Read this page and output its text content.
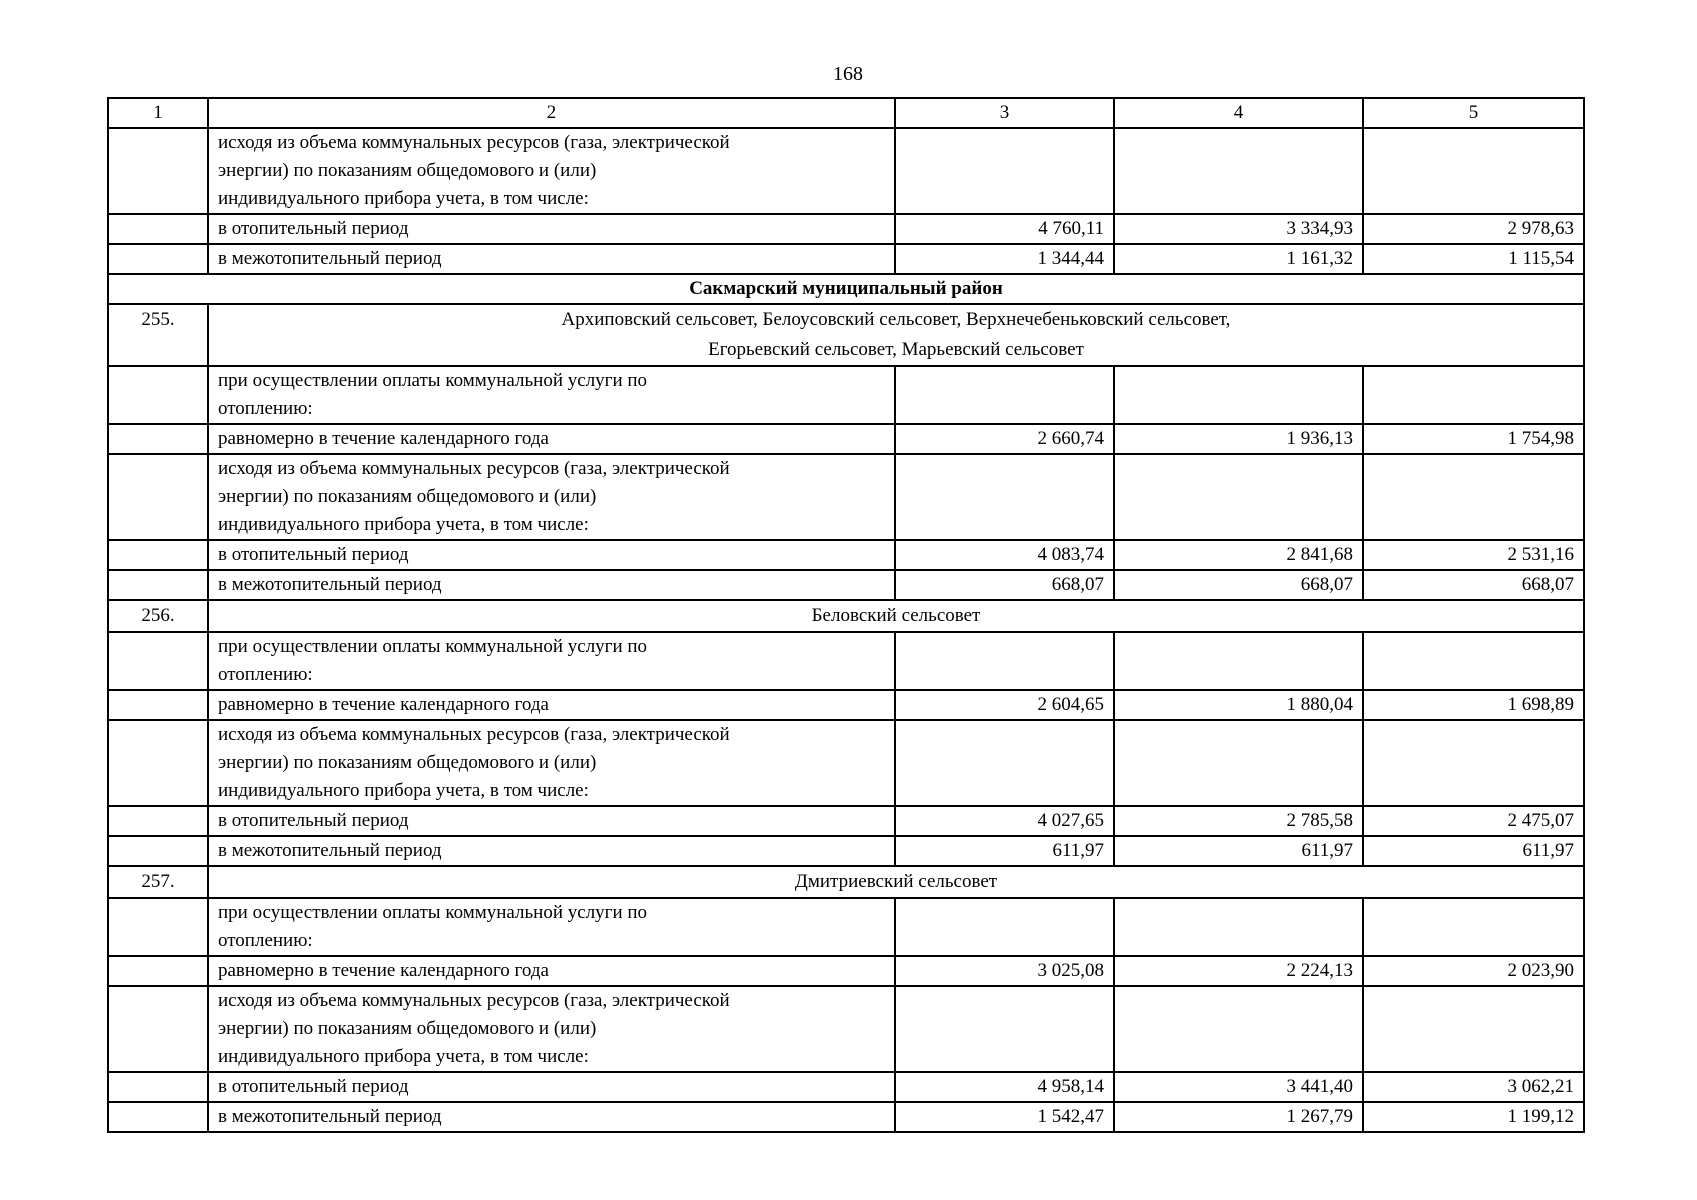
168
1	2	3	4	5

	исходя из объема коммунальных ресурсов (газа, электрической
энергии) по показаниям общедомового и (или)
индивидуального прибора учета, в том числе:			

	в отопительный период	4 760,11	3 334,93	2 978,63
	в межотопительный период	1 344,44	1 161,32	1 115,54
Сакмарский муниципальный район				
255.	Архиповский сельсовет, Белоусовский сельсовет, Верхнечебеньковский сельсовет,
Егорьевский сельсовет, Марьевский сельсовет			

	при осуществлении оплаты коммунальной услуги по
отоплению:			

	равномерно в течение календарного года	2 660,74	1 936,13	1 754,98

	исходя из объема коммунальных ресурсов (газа, электрической
энергии) по показаниям общедомового и (или)
индивидуального прибора учета, в том числе:			

	в отопительный период	4 083,74	2 841,68	2 531,16
	в межотопительный период	668,07	668,07	668,07
256.	Беловский сельсовет			

	при осуществлении оплаты коммунальной услуги по
отоплению:			

	равномерно в течение календарного года	2 604,65	1 880,04	1 698,89

	исходя из объема коммунальных ресурсов (газа, электрической
энергии) по показаниям общедомового и (или)
индивидуального прибора учета, в том числе:			

	в отопительный период	4 027,65	2 785,58	2 475,07
	в межотопительный период	611,97	611,97	611,97
257.	Дмитриевский сельсовет			

	при осуществлении оплаты коммунальной услуги по
отоплению:			

	равномерно в течение календарного года	3 025,08	2 224,13	2 023,90

	исходя из объема коммунальных ресурсов (газа, электрической
энергии) по показаниям общедомового и (или)
индивидуального прибора учета, в том числе:			

	в отопительный период	4 958,14	3 441,40	3 062,21
	в межотопительный период	1 542,47	1 267,79	1 199,12
